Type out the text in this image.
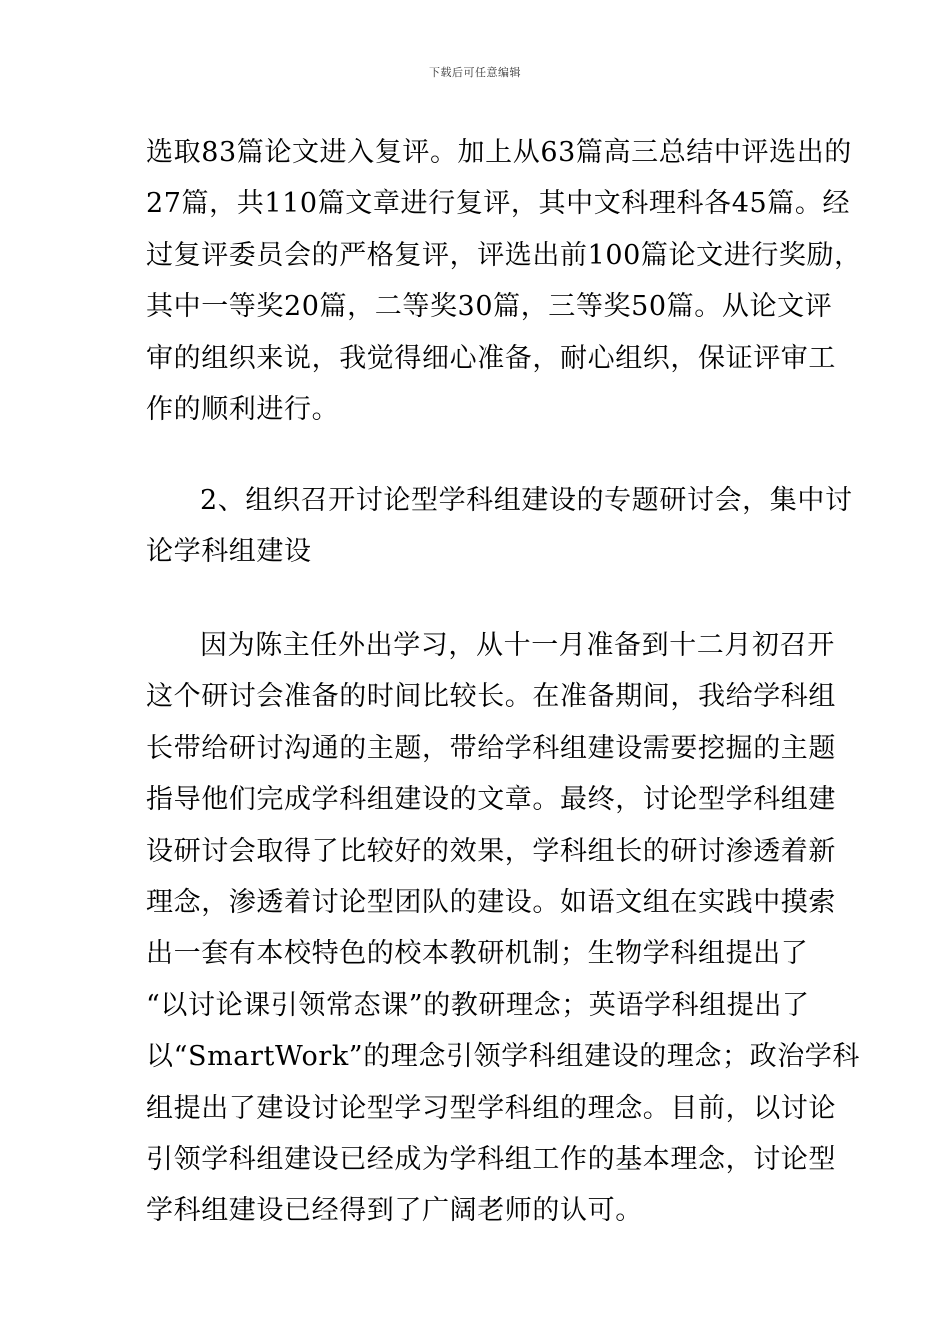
下载后可任意编辑
选取83篇论文进入复评。加上从63篇高三总结中评选出的
27篇，共110篇文章进行复评，其中文科理科各45篇。经
过复评委员会的严格复评，评选出前100篇论文进行奖励，
其中一等奖20篇，二等奖30篇，三等奖50篇。从论文评
审的组织来说，我觉得细心准备，耐心组织，保证评审工
作的顺利进行。
2、组织召开讨论型学科组建设的专题研讨会，集中讨
论学科组建设
因为陈主任外出学习，从十一月准备到十二月初召开
这个研讨会准备的时间比较长。在准备期间，我给学科组
长带给研讨沟通的主题，带给学科组建设需要挖掘的主题
指导他们完成学科组建设的文章。最终，讨论型学科组建
设研讨会取得了比较好的效果，学科组长的研讨渗透着新
理念，渗透着讨论型团队的建设。如语文组在实践中摸索
出一套有本校特色的校本教研机制；生物学科组提出了
“以讨论课引领常态课”的教研理念；英语学科组提出了
以“SmartWork”的理念引领学科组建设的理念；政治学科
组提出了建设讨论型学习型学科组的理念。目前，以讨论
引领学科组建设已经成为学科组工作的基本理念，讨论型
学科组建设已经得到了广阔老师的认可。
